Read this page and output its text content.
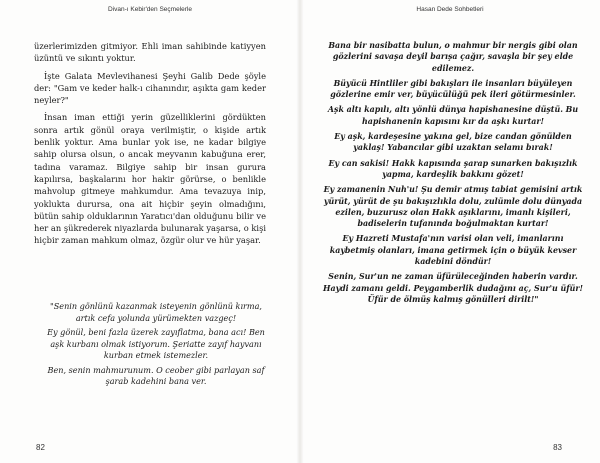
Divan-ı Kebir'den Seçmelerle

üzerlerimizden gitmiyor. Ehli iman sahibinde katiyyen üzüntü ve sıkıntı yoktur.

İşte Galata Mevlevihanesi Şeyhi Galib Dede şöyle der: "Gam ve keder halk-ı cihanındır, aşıkta gam keder neyler?"

İnsan iman ettiği yerin güzelliklerini gördükten sonra artık gönül oraya verilmiştir, o kişide artık benlik yoktur. Ama bunlar yok ise, ne kadar bilgiye sahip olursa olsun, o ancak meyvanın kabuğuna erer, tadına varamaz. Bilgiye sahip bir insan gurura kapılırsa, başkalarını hor hakir görürse, o benlikle mahvolup gitmeye mahkumdur. Ama tevazuya inip, yoklukta durursa, ona ait hiçbir şeyin olmadığını, bütün sahip olduklarının Yaratıcı'dan olduğunu bilir ve her an şükrederek niyazlarda bulunarak yaşarsa, o kişi hiçbir zaman mahkum olmaz, özgür olur ve hür yaşar.

"Senin gönlünü kazanmak isteyenin gönlünü kırma, artık cefa yolunda yürümekten vazgeç!

Ey gönül, beni fazla üzerek zayıflatma, bana acı! Ben aşk kurbanı olmak istiyorum. Şeriatte zayıf hayvanı kurban etmek istemezler.

Ben, senin mahmurunum. O ceober gibi parlayan saf şarab kadehini bana ver.

82
Hasan Dede Sohbetleri

Bana bir nasibatta bulun, o mahmur bir nergis gibi olan gözlerini savaşa deyil barışa çağır, savaşla bir şey elde edilemez.

Büyücü Hintliler gibi bakışları ile insanları büyüleyen gözlerine emir ver, büyücülüğü pek ileri götürmesinler.

Aşk altı kapılı, altı yönlü dünya hapishanesine düştü. Bu hapishanenin kapısını kır da aşkı kurtar!

Ey aşk, kardeşesine yakına gel, bize candan gönülden yaklaş! Yabancılar gibi uzaktan selamı bırak!

Ey can sakisi! Hakk kapısında şarap sunarken bakışızlık yapma, kardeşlik bakkını gözet!

Ey zamanenin Nuh'u! Şu demir atmış tabiat gemisini artık yürüt, yürüt de şu bakışızlıkla dolu, zulümle dolu dünyada ezilen, buzurusz olan Hakk aşıklarını, imanlı kişileri, badiselerin tufanında boğulmaktan kurtar!

Ey Hazreti Mustafa'nın varisi olan veli, imanlarını kaybetmiş olanları, imana getirmek için o büyük kevser kadebini döndür!

Senin, Sur'un ne zaman üfürüleceğinden haberin vardır. Haydi zamanı geldi. Peygamberlik dudağını aç, Sur'u üfür! Üfür de ölmüş kalmış gönülleri dirilt!"

83
